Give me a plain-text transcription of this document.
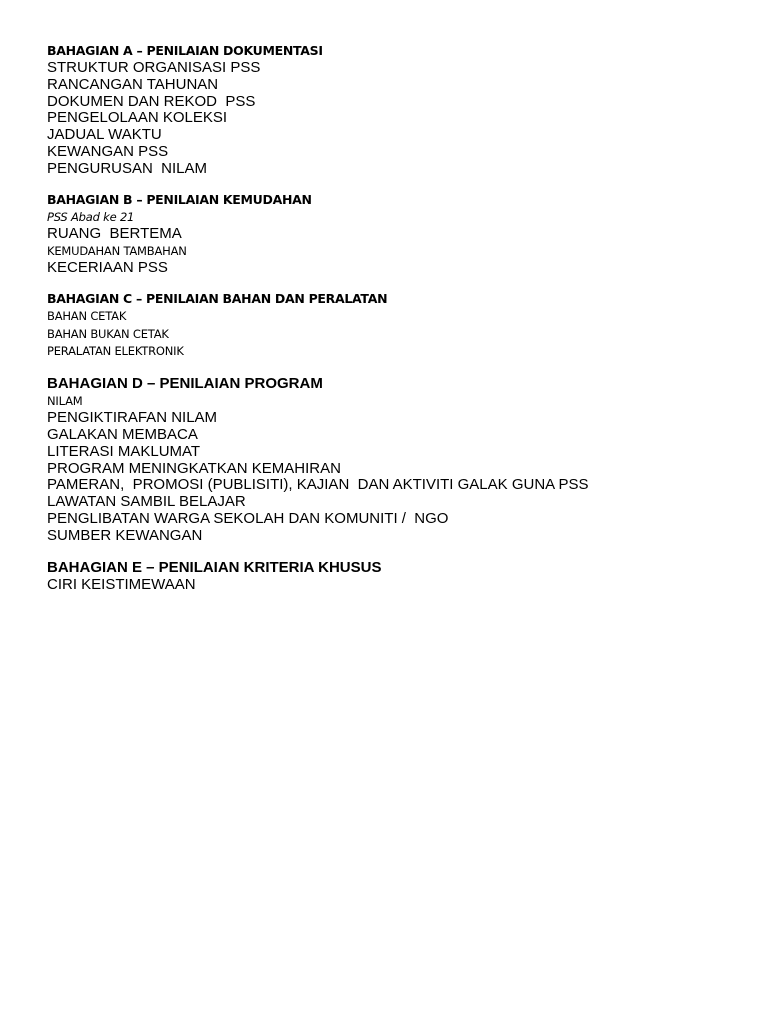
BAHAGIAN A – PENILAIAN DOKUMENTASI
STRUKTUR ORGANISASI PSS
RANCANGAN TAHUNAN
DOKUMEN DAN REKOD  PSS
PENGELOLAAN KOLEKSI
JADUAL WAKTU
KEWANGAN PSS
PENGURUSAN  NILAM
BAHAGIAN B – PENILAIAN KEMUDAHAN
PSS Abad ke 21
RUANG  BERTEMA
KEMUDAHAN TAMBAHAN
KECERIAAN PSS
BAHAGIAN C – PENILAIAN BAHAN DAN PERALATAN
BAHAN CETAK
BAHAN BUKAN CETAK
PERALATAN ELEKTRONIK
BAHAGIAN D – PENILAIAN PROGRAM
NILAM
PENGIKTIRAFAN NILAM
GALAKAN MEMBACA
LITERASI MAKLUMAT
PROGRAM MENINGKATKAN KEMAHIRAN
PAMERAN,  PROMOSI (PUBLISITI), KAJIAN  DAN AKTIVITI GALAK GUNA PSS
LAWATAN SAMBIL BELAJAR
PENGLIBATAN WARGA SEKOLAH DAN KOMUNITI /  NGO
SUMBER KEWANGAN
BAHAGIAN E – PENILAIAN KRITERIA KHUSUS
CIRI KEISTIMEWAAN
